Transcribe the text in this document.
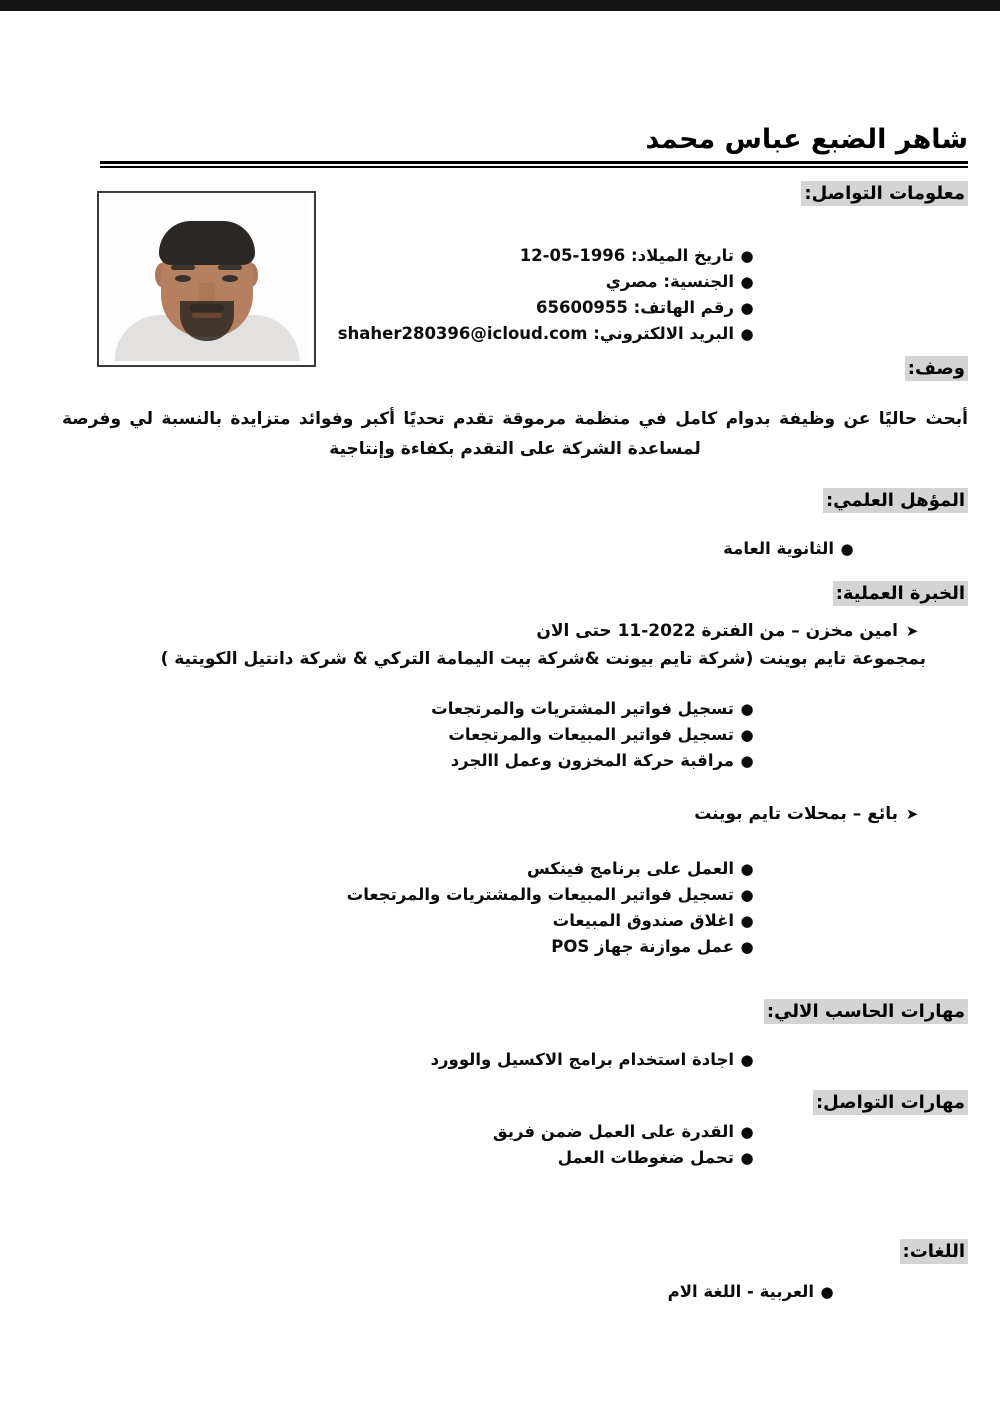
شاهر الضبع عباس محمد
معلومات التواصل:
●
تاريخ الميلاد: 1996-05-12
●
الجنسية: مصري
●
رقم الهاتف: 65600955
●
البريد الالكتروني: shaher280396@icloud.com
وصف:
أبحث حاليًا عن وظيفة بدوام كامل في منظمة مرموقة تقدم تحديًا أكبر وفوائد متزايدة بالنسبة لي وفرصة لمساعدة الشركة على التقدم بكفاءة وإنتاجية
المؤهل العلمي:
●
الثانوية العامة
الخبرة العملية:
➤
امين مخزن – من الفترة 2022-11 حتى الان
بمجموعة تايم بوينت (شركة تايم بيونت &شركة بيت اليمامة التركي & شركة دانتيل الكويتية )
●
تسجيل فواتير المشتريات والمرتجعات
●
تسجيل فواتير المبيعات والمرتجعات
●
مراقبة حركة المخزون وعمل االجرد
➤
بائع – بمحلات تايم بوينت
●
العمل على برنامج فينكس
●
تسجيل فواتير المبيعات والمشتريات والمرتجعات
●
اغلاق صندوق المبيعات
●
عمل موازنة جهاز POS
مهارات الحاسب الالي:
●
اجادة استخدام برامج الاكسيل والوورد
مهارات التواصل:
●
القدرة على العمل ضمن فريق
●
تحمل ضغوطات العمل
اللغات:
●
العربية - اللغة الام
